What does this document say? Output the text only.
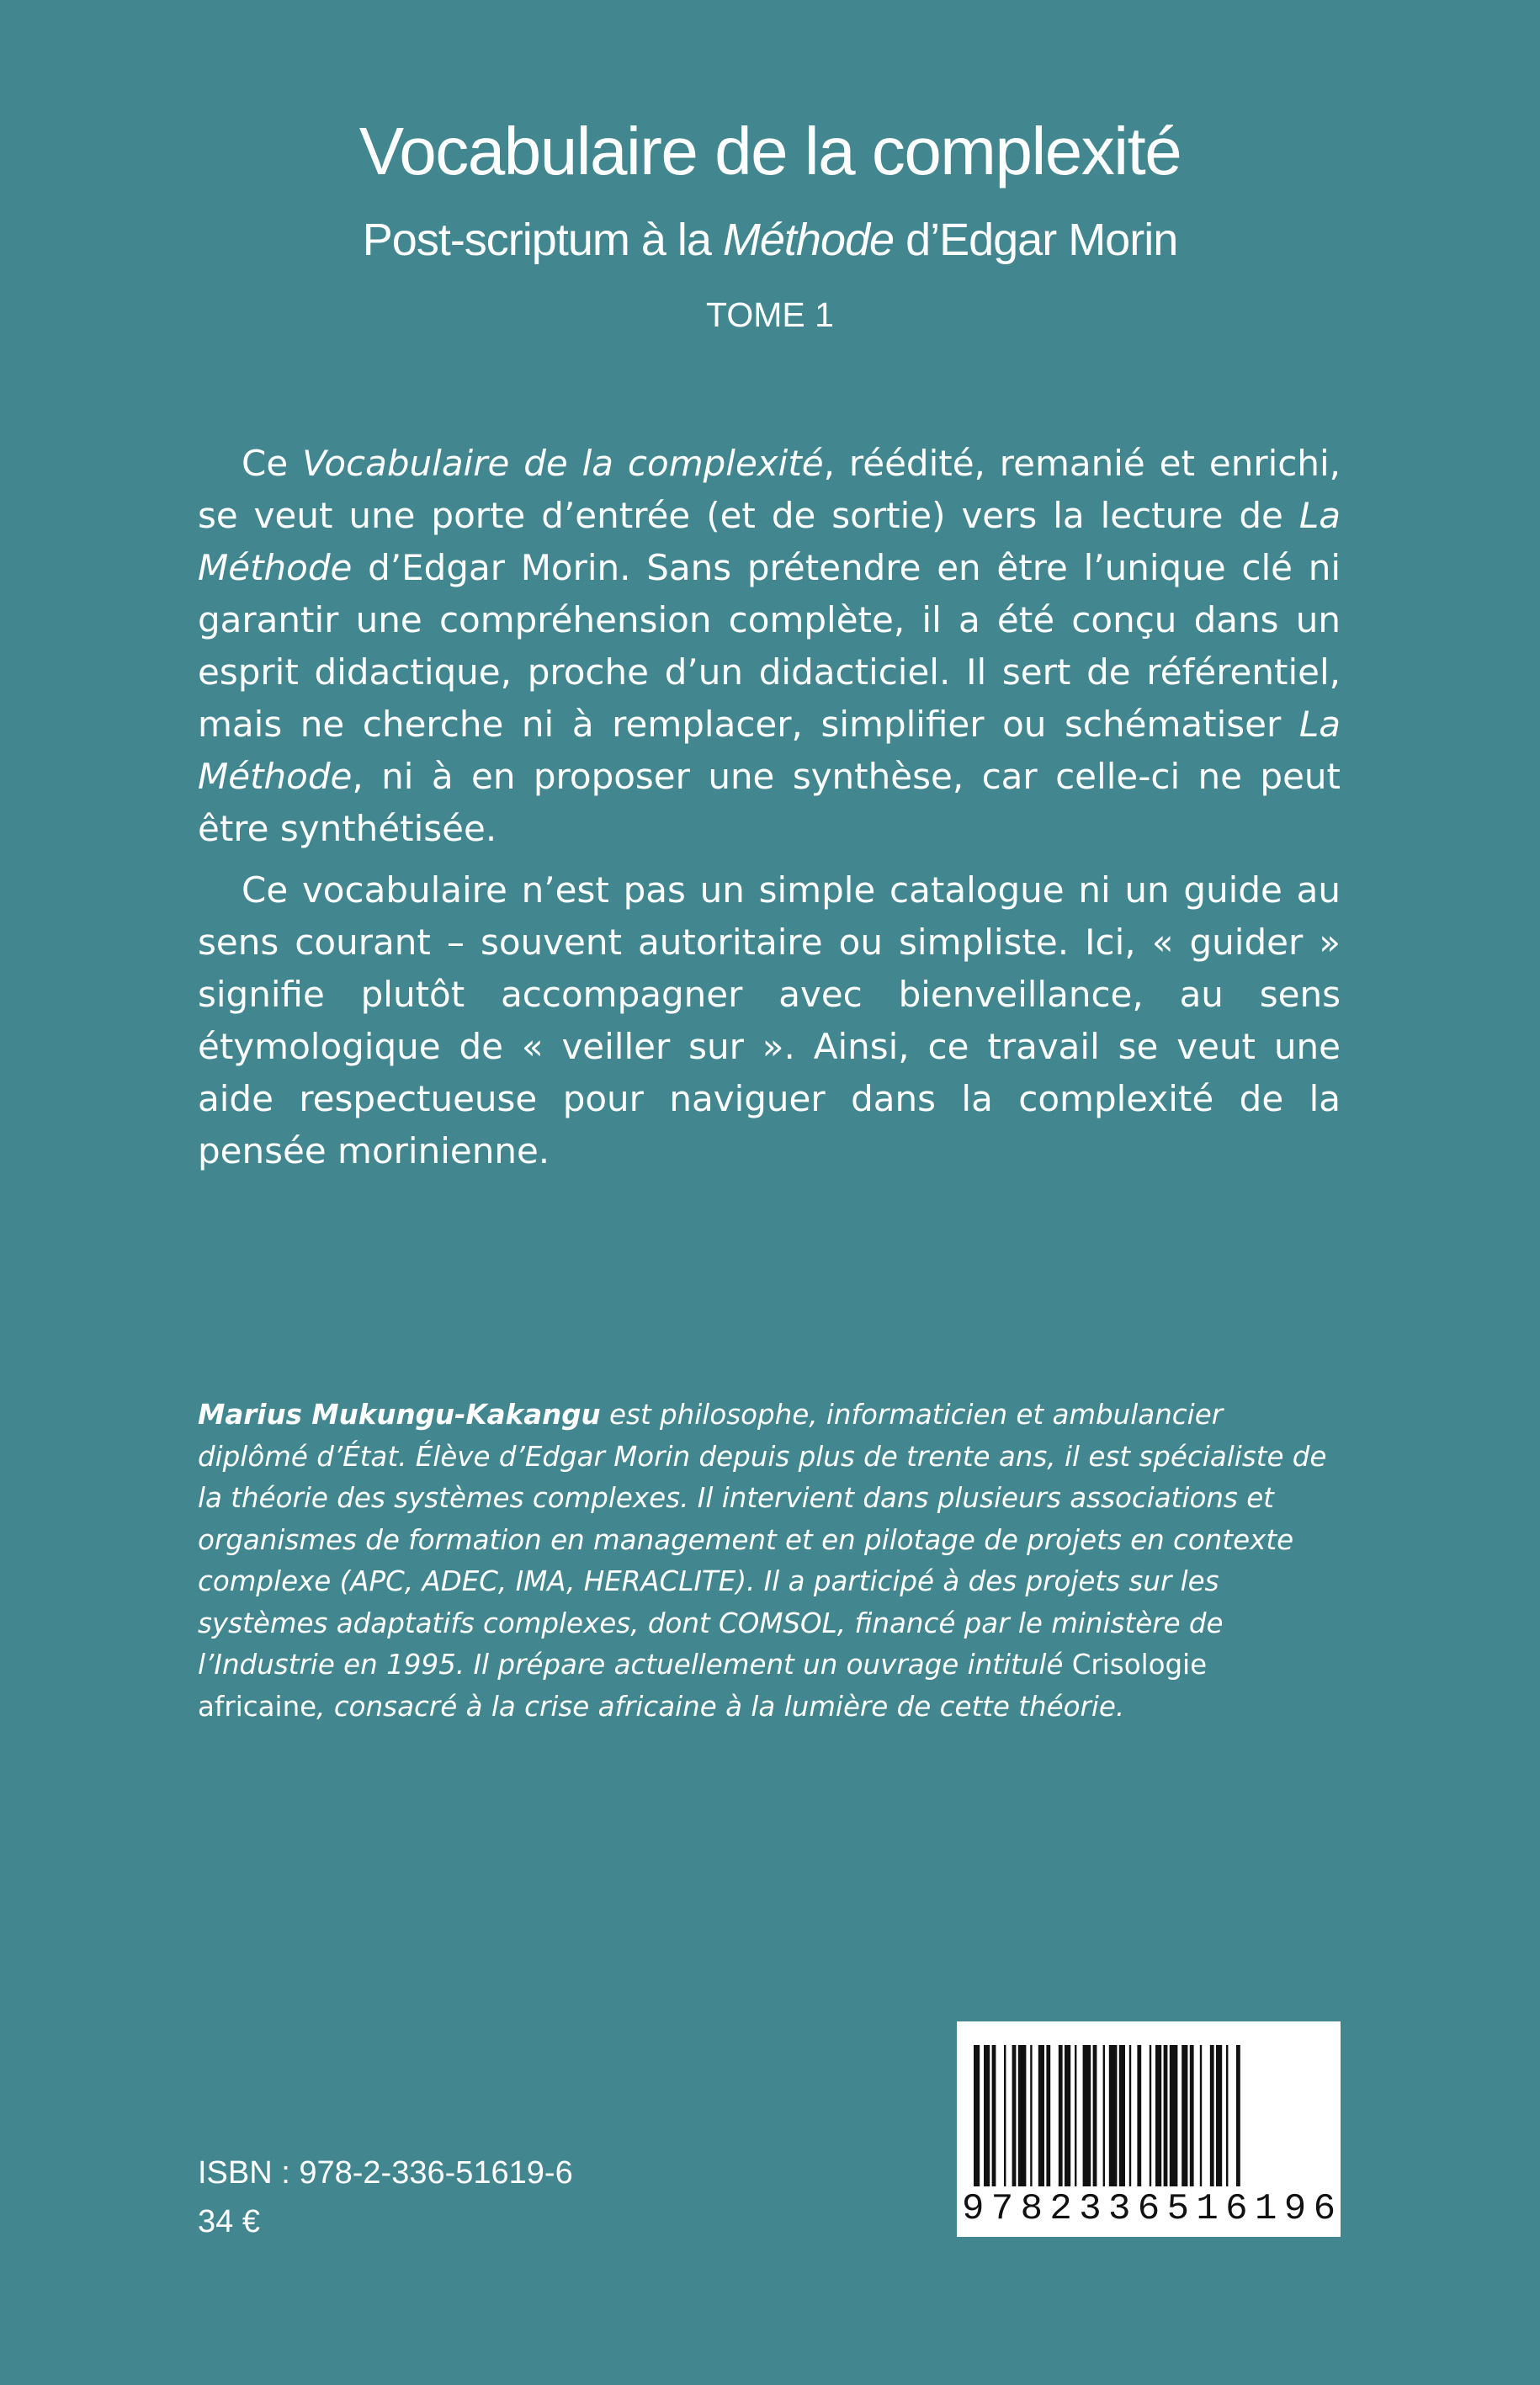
Vocabulaire de la complexité

Post-scriptum à la Méthode d’Edgar Morin

TOME 1

Ce Vocabulaire de la complexité, réédité, remanié et enrichi, se veut une porte d’entrée (et de sortie) vers la lecture de La Méthode d’Edgar Morin. Sans prétendre en être l’unique clé ni garantir une compréhension complète, il a été conçu dans un esprit didactique, proche d’un didacticiel. Il sert de référentiel, mais ne cherche ni à remplacer, simplifier ou schématiser La Méthode, ni à en proposer une synthèse, car celle-ci ne peut être synthétisée.

Ce vocabulaire n’est pas un simple catalogue ni un guide au sens courant – souvent autoritaire ou simpliste. Ici, « guider » signifie plutôt accompagner avec bienveillance, au sens étymologique de « veiller sur ». Ainsi, ce travail se veut une aide respectueuse pour naviguer dans la complexité de la pensée morinienne.

Marius Mukungu-Kakangu est philosophe, informaticien et ambulancier diplômé d’État. Élève d’Edgar Morin depuis plus de trente ans, il est spécialiste de la théorie des systèmes complexes. Il intervient dans plusieurs associations et organismes de formation en management et en pilotage de projets en contexte complexe (APC, ADEC, IMA, HERACLITE). Il a participé à des projets sur les systèmes adaptatifs complexes, dont COMSOL, financé par le ministère de l’Industrie en 1995. Il prépare actuellement un ouvrage intitulé Crisologie africaine, consacré à la crise africaine à la lumière de cette théorie.

ISBN : 978-2-336-51619-6

34 €	9 7 8 2 3 3 6 5 1 6 1 9 6
